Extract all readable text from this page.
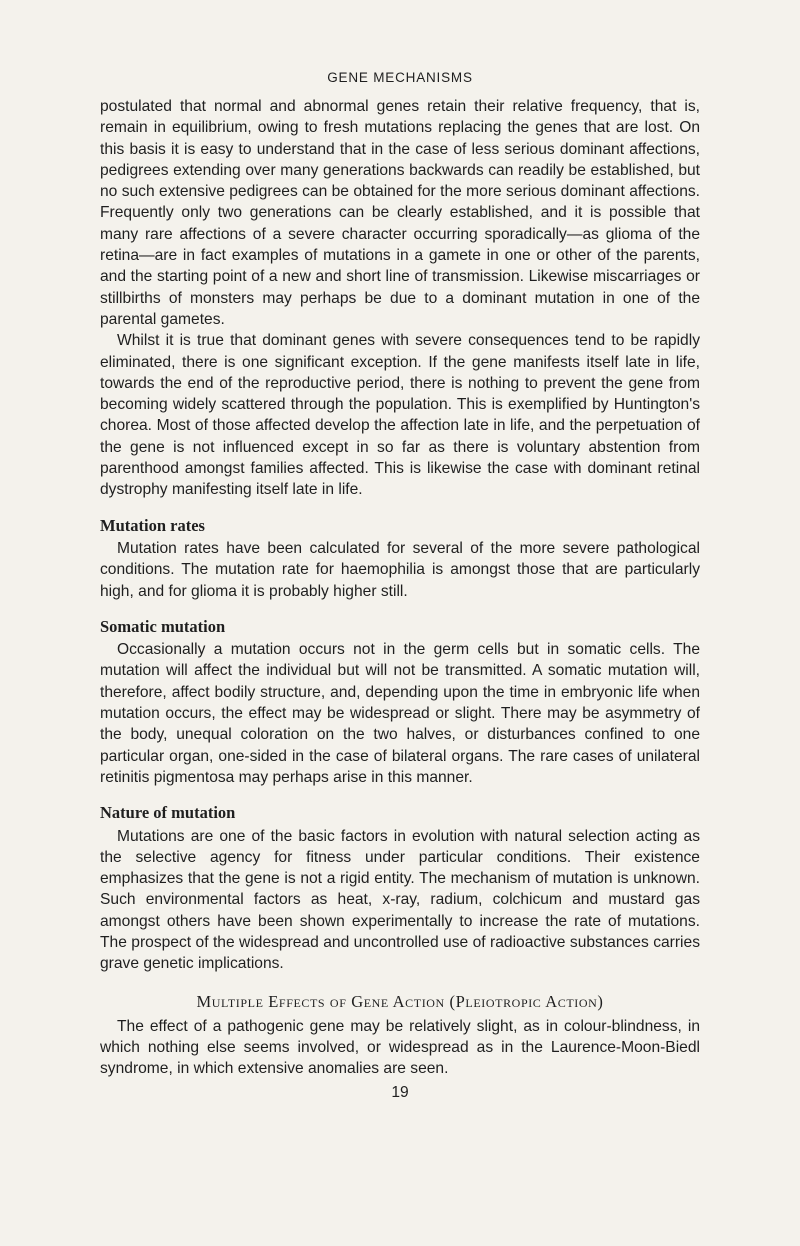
GENE MECHANISMS

postulated that normal and abnormal genes retain their relative frequency, that is, remain in equilibrium, owing to fresh mutations replacing the genes that are lost. On this basis it is easy to understand that in the case of less serious dominant affections, pedigrees extending over many generations backwards can readily be established, but no such extensive pedigrees can be obtained for the more serious dominant affections. Frequently only two generations can be clearly established, and it is possible that many rare affections of a severe character occurring sporadically—as glioma of the retina—are in fact examples of mutations in a gamete in one or other of the parents, and the starting point of a new and short line of transmission. Likewise miscarriages or stillbirths of monsters may perhaps be due to a dominant mutation in one of the parental gametes.

Whilst it is true that dominant genes with severe consequences tend to be rapidly eliminated, there is one significant exception. If the gene manifests itself late in life, towards the end of the reproductive period, there is nothing to prevent the gene from becoming widely scattered through the population. This is exemplified by Huntington's chorea. Most of those affected develop the affection late in life, and the perpetuation of the gene is not influenced except in so far as there is voluntary abstention from parenthood amongst families affected. This is likewise the case with dominant retinal dystrophy manifesting itself late in life.

Mutation rates

Mutation rates have been calculated for several of the more severe pathological conditions. The mutation rate for haemophilia is amongst those that are particularly high, and for glioma it is probably higher still.

Somatic mutation

Occasionally a mutation occurs not in the germ cells but in somatic cells. The mutation will affect the individual but will not be transmitted. A somatic mutation will, therefore, affect bodily structure, and, depending upon the time in embryonic life when mutation occurs, the effect may be widespread or slight. There may be asymmetry of the body, unequal coloration on the two halves, or disturbances confined to one particular organ, one-sided in the case of bilateral organs. The rare cases of unilateral retinitis pigmentosa may perhaps arise in this manner.

Nature of mutation

Mutations are one of the basic factors in evolution with natural selection acting as the selective agency for fitness under particular conditions. Their existence emphasizes that the gene is not a rigid entity. The mechanism of mutation is unknown. Such environmental factors as heat, x-ray, radium, colchicum and mustard gas amongst others have been shown experimentally to increase the rate of mutations. The prospect of the widespread and uncontrolled use of radioactive substances carries grave genetic implications.

Multiple Effects of Gene Action (Pleiotropic Action)

The effect of a pathogenic gene may be relatively slight, as in colour-blindness, in which nothing else seems involved, or widespread as in the Laurence-Moon-Biedl syndrome, in which extensive anomalies are seen.

19
